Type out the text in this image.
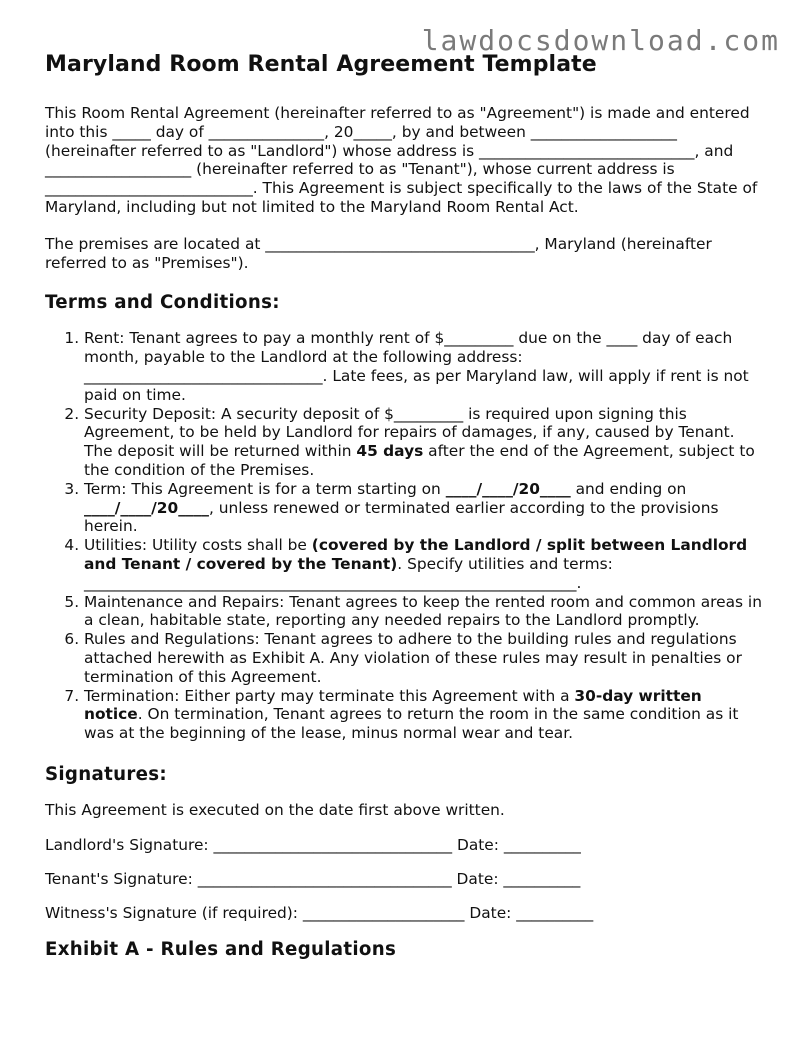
lawdocsdownload.com
Maryland Room Rental Agreement Template

This Room Rental Agreement (hereinafter referred to as "Agreement") is made and entered into this _____ day of _______________, 20_____, by and between ___________________ (hereinafter referred to as "Landlord") whose address is ____________________________, and ___________________ (hereinafter referred to as "Tenant"), whose current address is ___________________________. This Agreement is subject specifically to the laws of the State of Maryland, including but not limited to the Maryland Room Rental Act.

The premises are located at ___________________________________, Maryland (hereinafter referred to as "Premises").

Terms and Conditions:
1. Rent: Tenant agrees to pay a monthly rent of $_________ due on the ____ day of each month, payable to the Landlord at the following address: _______________________________. Late fees, as per Maryland law, will apply if rent is not paid on time.
2. Security Deposit: A security deposit of $_________ is required upon signing this Agreement, to be held by Landlord for repairs of damages, if any, caused by Tenant. The deposit will be returned within 45 days after the end of the Agreement, subject to the condition of the Premises.
3. Term: This Agreement is for a term starting on ____/____/20____ and ending on ____/____/20____, unless renewed or terminated earlier according to the provisions herein.
4. Utilities: Utility costs shall be (covered by the Landlord / split between Landlord and Tenant / covered by the Tenant). Specify utilities and terms: ________________________________________________________________.
5. Maintenance and Repairs: Tenant agrees to keep the rented room and common areas in a clean, habitable state, reporting any needed repairs to the Landlord promptly.
6. Rules and Regulations: Tenant agrees to adhere to the building rules and regulations attached herewith as Exhibit A. Any violation of these rules may result in penalties or termination of this Agreement.
7. Termination: Either party may terminate this Agreement with a 30-day written notice. On termination, Tenant agrees to return the room in the same condition as it was at the beginning of the lease, minus normal wear and tear.
Signatures:

This Agreement is executed on the date first above written.

Landlord's Signature: _______________________________ Date: __________

Tenant's Signature: _________________________________ Date: __________

Witness's Signature (if required): _____________________ Date: __________

Exhibit A - Rules and Regulations
